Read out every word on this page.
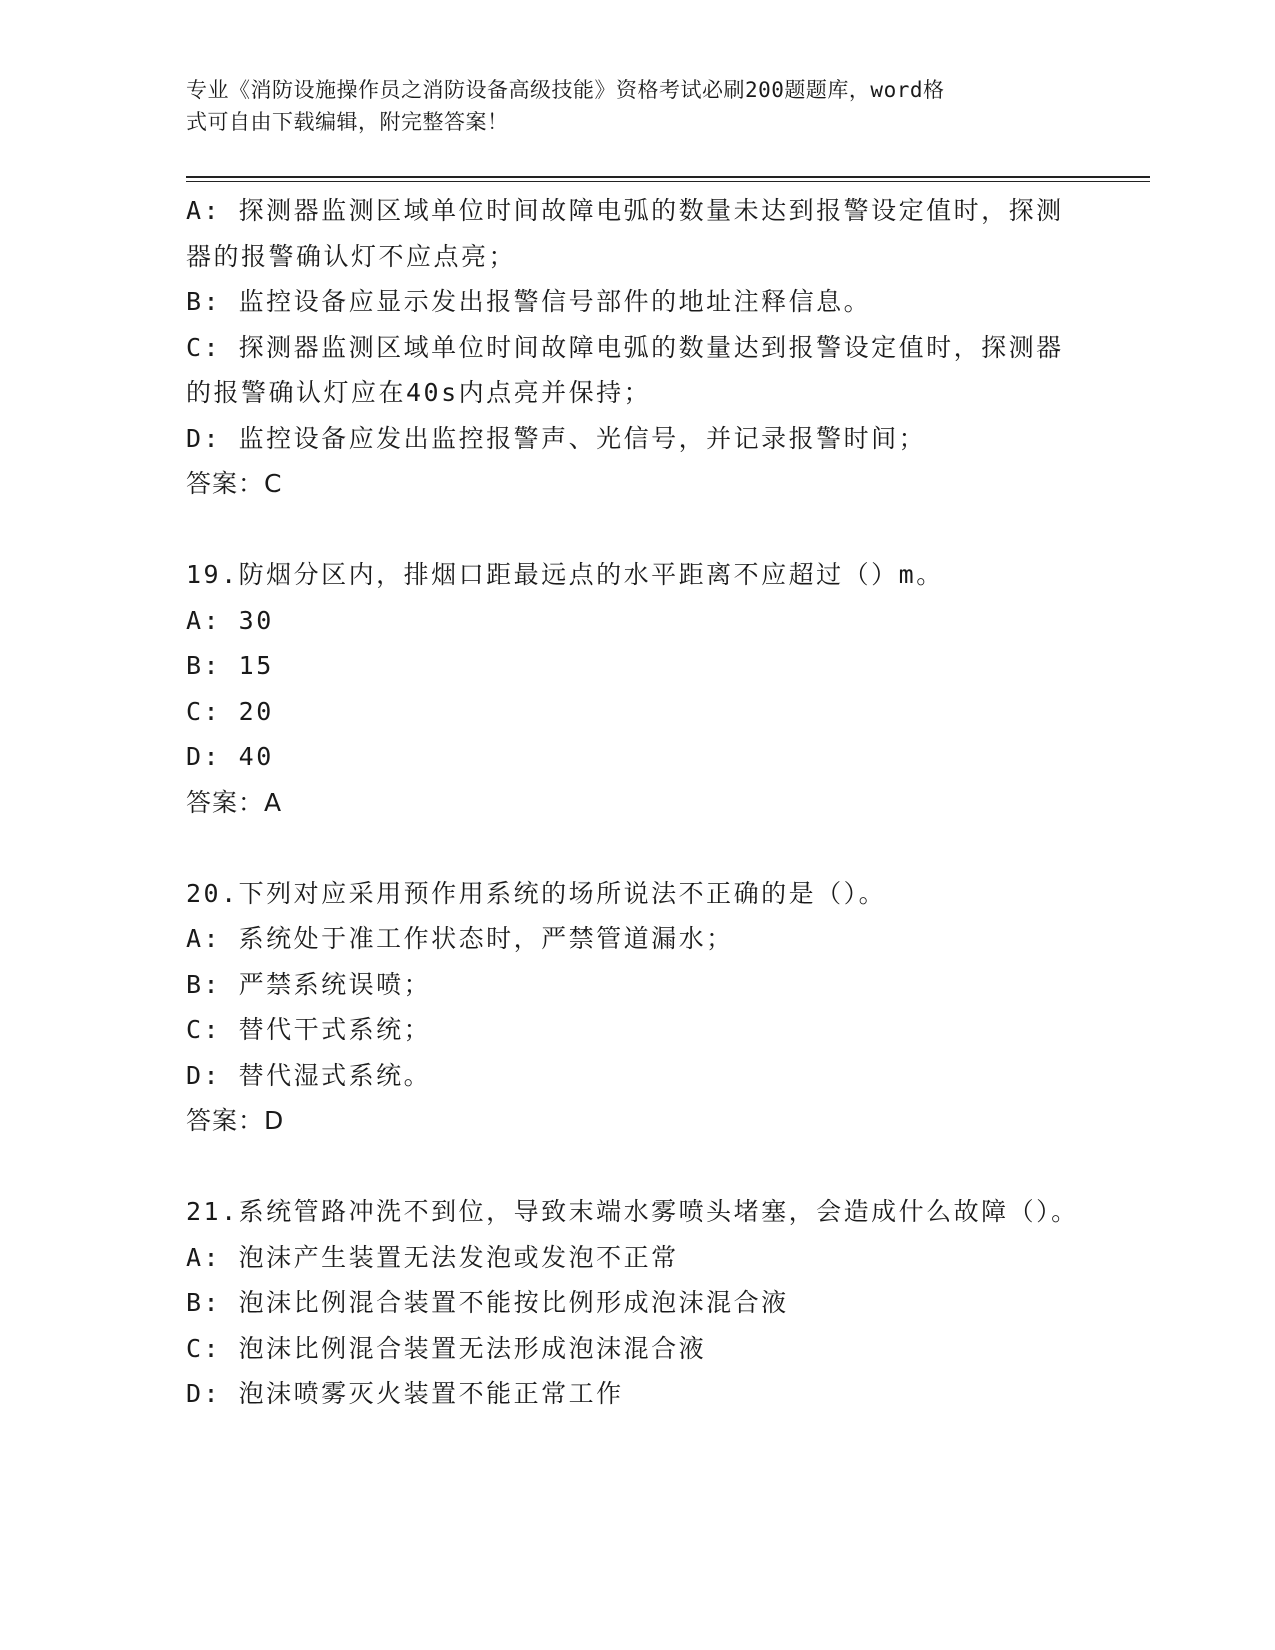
专业《消防设施操作员之消防设备高级技能》资格考试必刷200题题库，word格
式可自由下载编辑，附完整答案！
A: 探测器监测区域单位时间故障电弧的数量未达到报警设定值时，探测器的报警确认灯不应点亮；
B: 监控设备应显示发出报警信号部件的地址注释信息。
C: 探测器监测区域单位时间故障电弧的数量达到报警设定值时，探测器的报警确认灯应在40s内点亮并保持；
D: 监控设备应发出监控报警声、光信号，并记录报警时间；
答案：C
19.防烟分区内，排烟口距最远点的水平距离不应超过（）m。
A: 30
B: 15
C: 20
D: 40
答案：A
20.下列对应采用预作用系统的场所说法不正确的是（）。
A: 系统处于准工作状态时，严禁管道漏水；
B: 严禁系统误喷；
C: 替代干式系统；
D: 替代湿式系统。
答案：D
21.系统管路冲洗不到位，导致末端水雾喷头堵塞，会造成什么故障（）。
A: 泡沫产生装置无法发泡或发泡不正常
B: 泡沫比例混合装置不能按比例形成泡沫混合液
C: 泡沫比例混合装置无法形成泡沫混合液
D: 泡沫喷雾灭火装置不能正常工作
